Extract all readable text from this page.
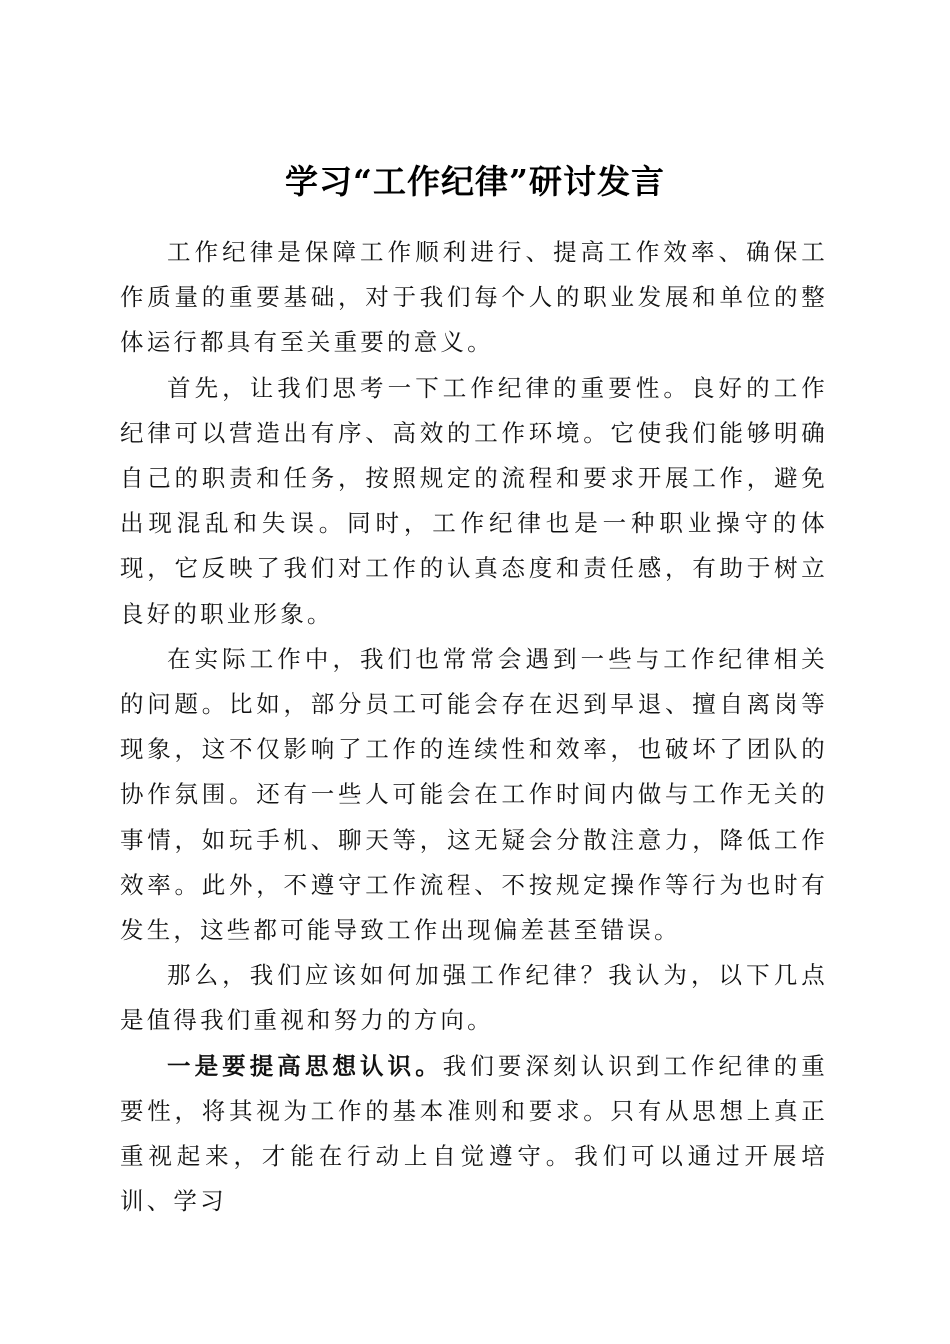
学习“工作纪律”研讨发言

工作纪律是保障工作顺利进行、提高工作效率、确保工作质量的重要基础，对于我们每个人的职业发展和单位的整体运行都具有至关重要的意义。

首先，让我们思考一下工作纪律的重要性。良好的工作纪律可以营造出有序、高效的工作环境。它使我们能够明确自己的职责和任务，按照规定的流程和要求开展工作，避免出现混乱和失误。同时，工作纪律也是一种职业操守的体现，它反映了我们对工作的认真态度和责任感，有助于树立良好的职业形象。

在实际工作中，我们也常常会遇到一些与工作纪律相关的问题。比如，部分员工可能会存在迟到早退、擅自离岗等现象，这不仅影响了工作的连续性和效率，也破坏了团队的协作氛围。还有一些人可能会在工作时间内做与工作无关的事情，如玩手机、聊天等，这无疑会分散注意力，降低工作效率。此外，不遵守工作流程、不按规定操作等行为也时有发生，这些都可能导致工作出现偏差甚至错误。

那么，我们应该如何加强工作纪律？我认为，以下几点是值得我们重视和努力的方向。

一是要提高思想认识。我们要深刻认识到工作纪律的重要性，将其视为工作的基本准则和要求。只有从思想上真正重视起来，才能在行动上自觉遵守。我们可以通过开展培训、学习
